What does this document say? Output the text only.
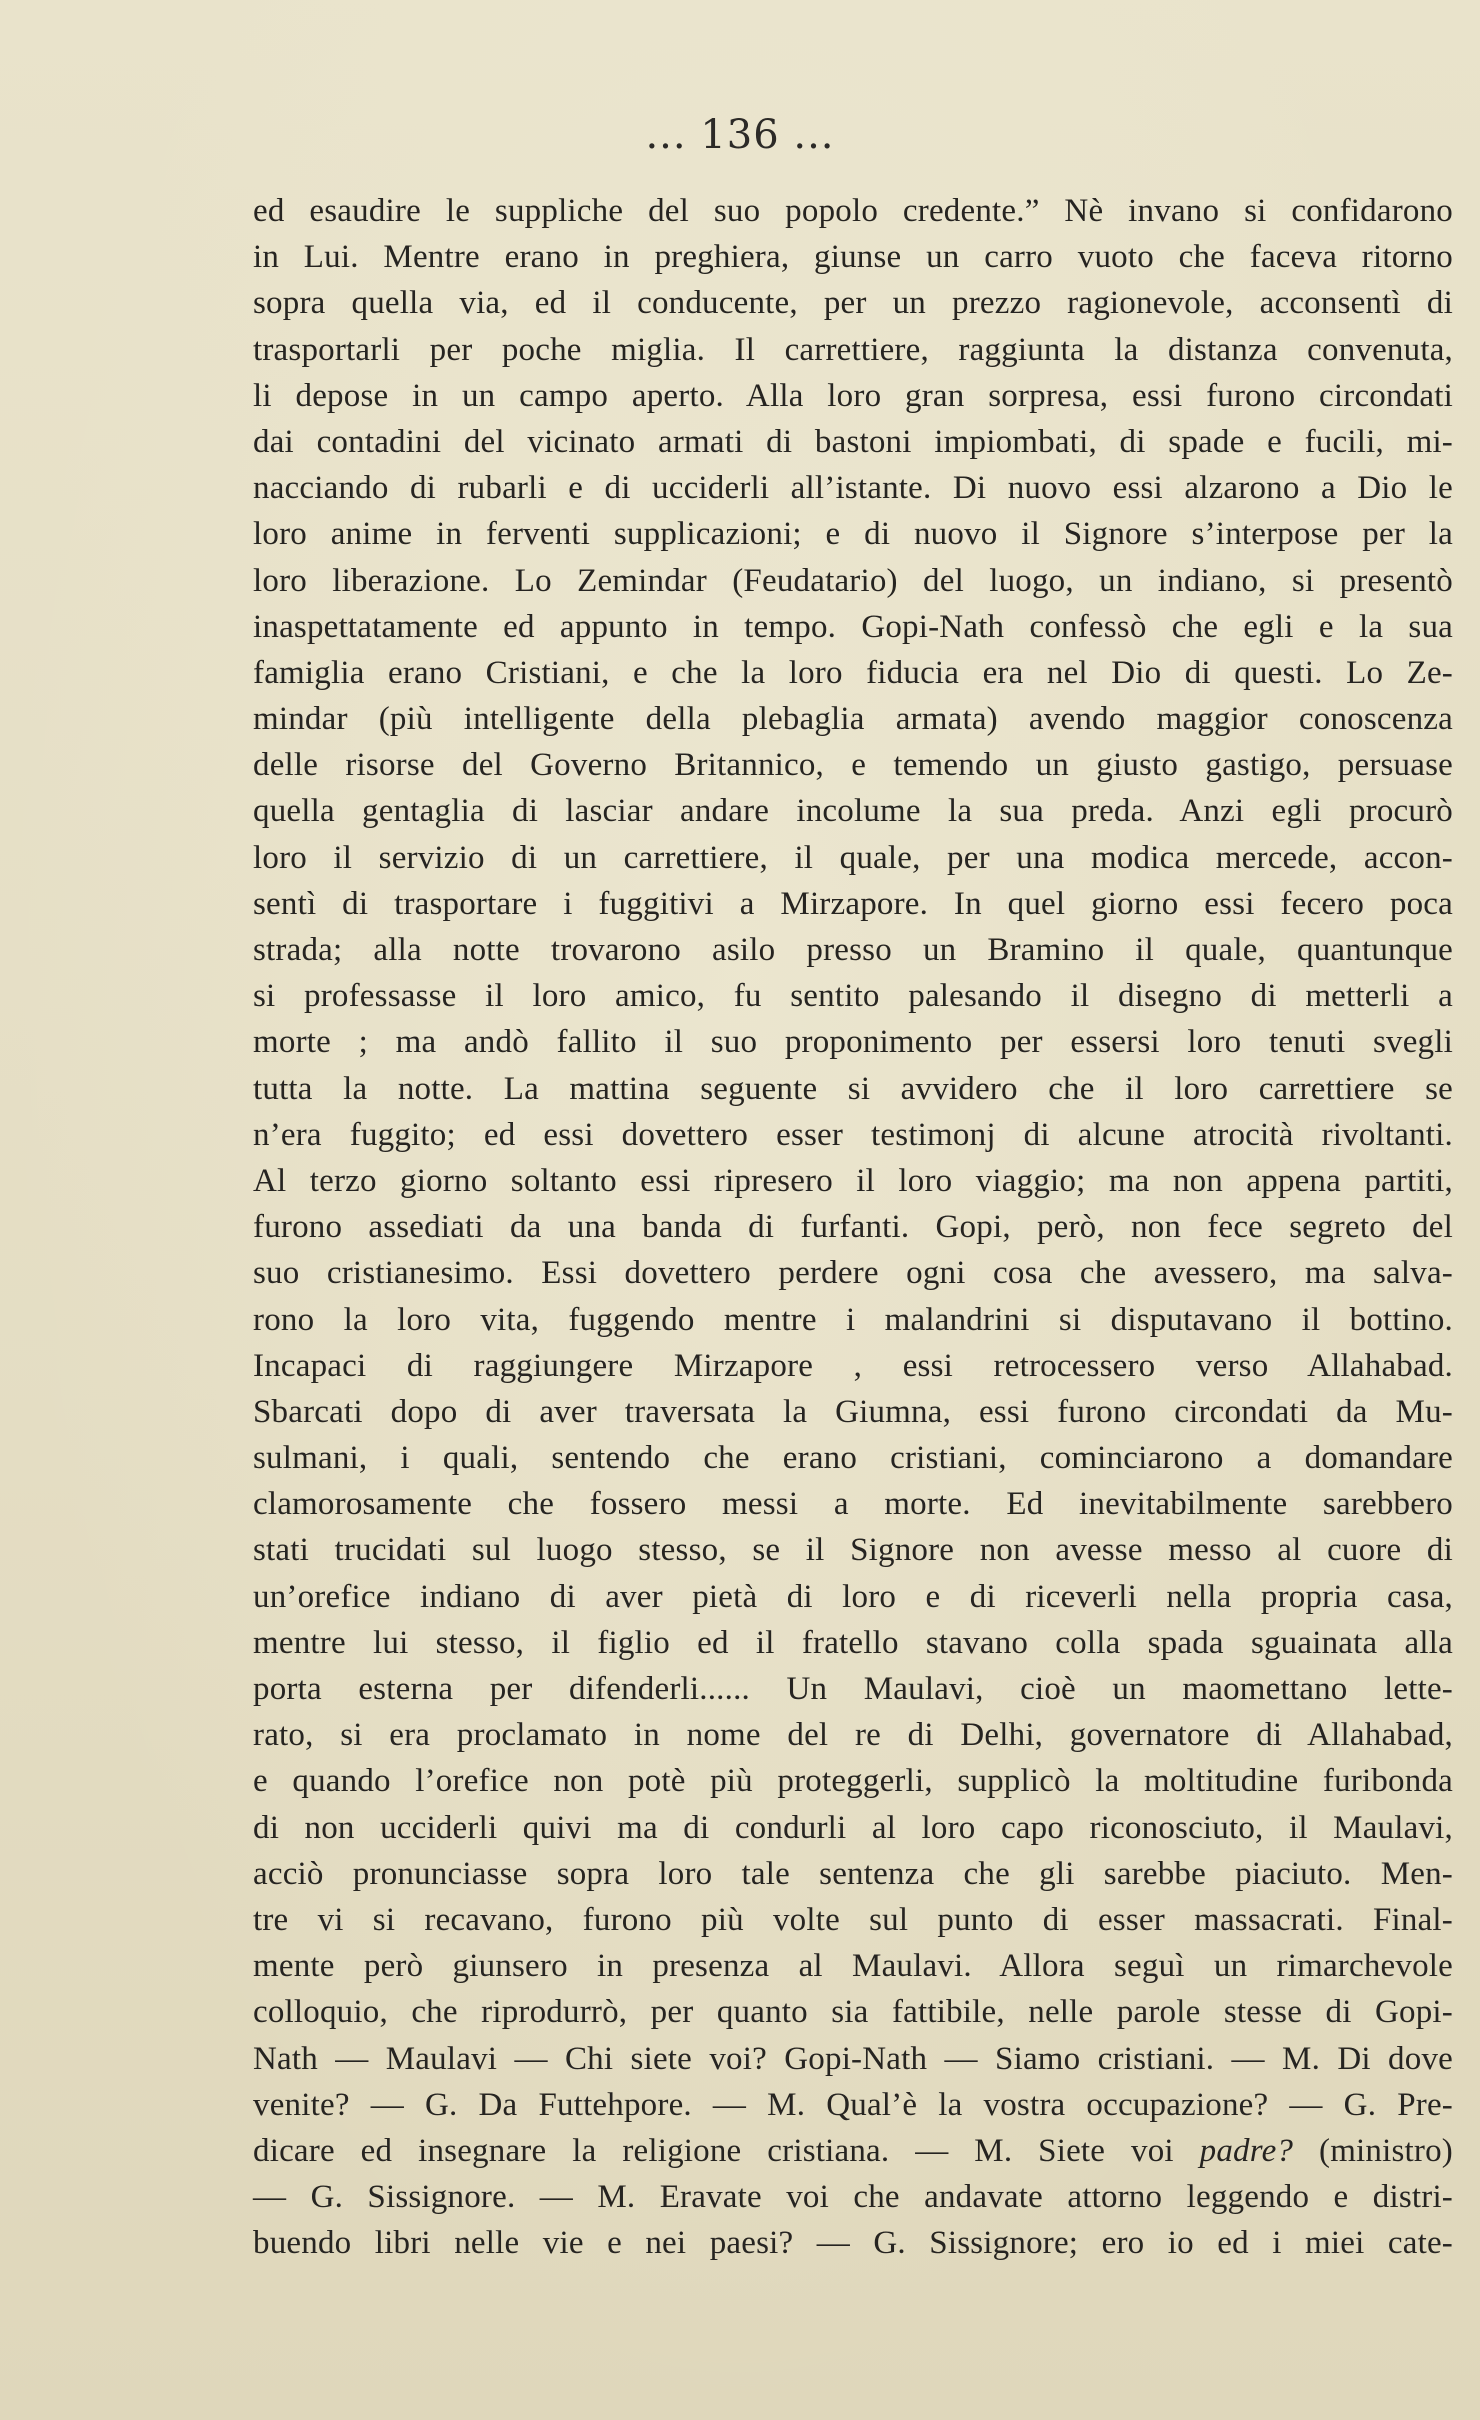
... 136 ...
ed esaudire le suppliche del suo popolo credente.” Nè invano si confidarono
in Lui. Mentre erano in preghiera, giunse un carro vuoto che faceva ritorno
sopra quella via, ed il conducente, per un prezzo ragionevole, acconsentì di
trasportarli per poche miglia. Il carrettiere, raggiunta la distanza convenuta,
li depose in un campo aperto. Alla loro gran sorpresa, essi furono circondati
dai contadini del vicinato armati di bastoni impiombati, di spade e fucili, mi-
nacciando di rubarli e di ucciderli all’istante. Di nuovo essi alzarono a Dio le
loro anime in ferventi supplicazioni; e di nuovo il Signore s’interpose per la
loro liberazione. Lo Zemindar (Feudatario) del luogo, un indiano, si presentò
inaspettatamente ed appunto in tempo. Gopi-Nath confessò che egli e la sua
famiglia erano Cristiani, e che la loro fiducia era nel Dio di questi. Lo Ze-
mindar (più intelligente della plebaglia armata) avendo maggior conoscenza
delle risorse del Governo Britannico, e temendo un giusto gastigo, persuase
quella gentaglia di lasciar andare incolume la sua preda. Anzi egli procurò
loro il servizio di un carrettiere, il quale, per una modica mercede, accon-
sentì di trasportare i fuggitivi a Mirzapore. In quel giorno essi fecero poca
strada; alla notte trovarono asilo presso un Bramino il quale, quantunque
si professasse il loro amico, fu sentito palesando il disegno di metterli a
morte ; ma andò fallito il suo proponimento per essersi loro tenuti svegli
tutta la notte. La mattina seguente si avvidero che il loro carrettiere se
n’era fuggito; ed essi dovettero esser testimonj di alcune atrocità rivoltanti.
Al terzo giorno soltanto essi ripresero il loro viaggio; ma non appena partiti,
furono assediati da una banda di furfanti. Gopi, però, non fece segreto del
suo cristianesimo. Essi dovettero perdere ogni cosa che avessero, ma salva-
rono la loro vita, fuggendo mentre i malandrini si disputavano il bottino.
Incapaci di raggiungere Mirzapore , essi retrocessero verso Allahabad.
Sbarcati dopo di aver traversata la Giumna, essi furono circondati da Mu-
sulmani, i quali, sentendo che erano cristiani, cominciarono a domandare
clamorosamente che fossero messi a morte. Ed inevitabilmente sarebbero
stati trucidati sul luogo stesso, se il Signore non avesse messo al cuore di
un’orefice indiano di aver pietà di loro e di riceverli nella propria casa,
mentre lui stesso, il figlio ed il fratello stavano colla spada sguainata alla
porta esterna per difenderli...... Un Maulavi, cioè un maomettano lette-
rato, si era proclamato in nome del re di Delhi, governatore di Allahabad,
e quando l’orefice non potè più proteggerli, supplicò la moltitudine furibonda
di non ucciderli quivi ma di condurli al loro capo riconosciuto, il Maulavi,
acciò pronunciasse sopra loro tale sentenza che gli sarebbe piaciuto. Men-
tre vi si recavano, furono più volte sul punto di esser massacrati. Final-
mente però giunsero in presenza al Maulavi. Allora seguì un rimarchevole
colloquio, che riprodurrò, per quanto sia fattibile, nelle parole stesse di Gopi-
Nath — Maulavi — Chi siete voi? Gopi-Nath — Siamo cristiani. — M. Di dove
venite? — G. Da Futtehpore. — M. Qual’è la vostra occupazione? — G. Pre-
dicare ed insegnare la religione cristiana. — M. Siete voi padre? (ministro)
— G. Sissignore. — M. Eravate voi che andavate attorno leggendo e distri-
buendo libri nelle vie e nei paesi? — G. Sissignore; ero io ed i miei cate-
